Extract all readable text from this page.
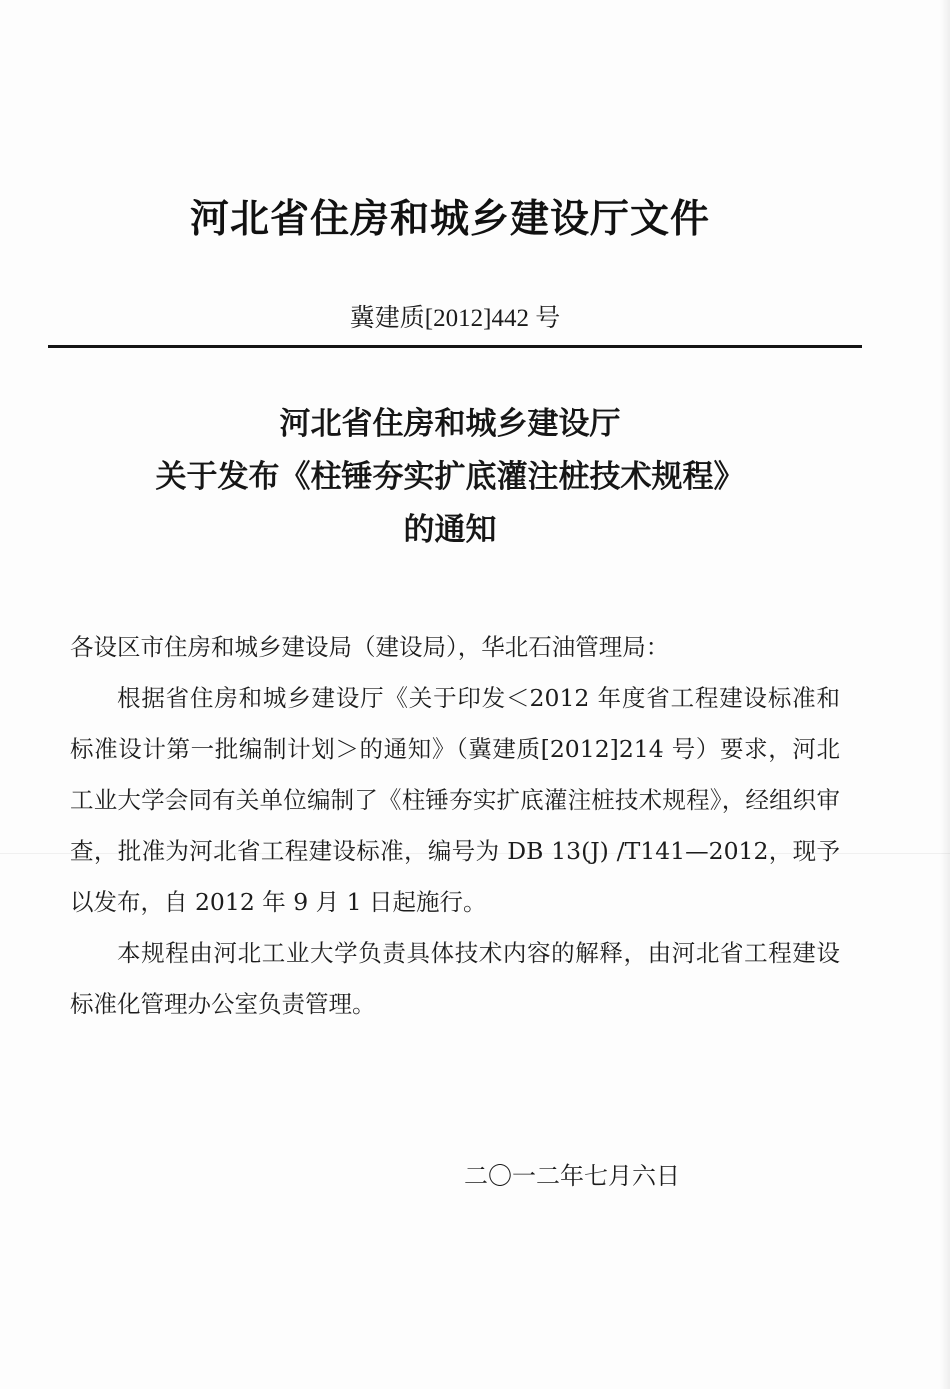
河北省住房和城乡建设厅文件
冀建质[2012]442 号
河北省住房和城乡建设厅
关于发布《柱锤夯实扩底灌注桩技术规程》
的通知
各设区市住房和城乡建设局（建设局），华北石油管理局：

根据省住房和城乡建设厅《关于印发＜2012 年度省工程建设标准和标准设计第一批编制计划＞的通知》（冀建质[2012]214 号）要求，河北工业大学会同有关单位编制了《柱锤夯实扩底灌注桩技术规程》，经组织审查，批准为河北省工程建设标准，编号为 DB 13(J) /T141—2012，现予以发布，自 2012 年 9 月 1 日起施行。

本规程由河北工业大学负责具体技术内容的解释，由河北省工程建设标准化管理办公室负责管理。

二〇一二年七月六日
